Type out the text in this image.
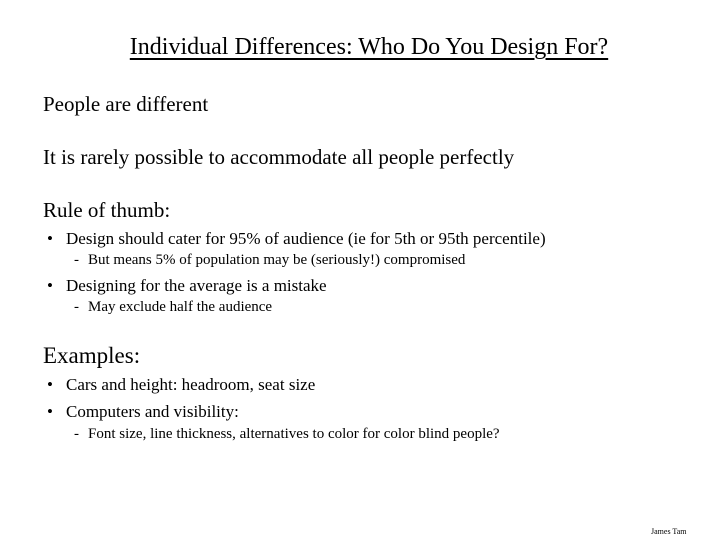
Individual Differences: Who Do You Design For?
People are different
It is rarely possible to accommodate all people perfectly
Rule of thumb:
• Design should cater for 95% of audience (ie for 5th or 95th percentile)
- But means 5% of population may be (seriously!) compromised
• Designing for the average is a mistake
- May exclude half the audience
Examples:
• Cars and height: headroom, seat size
• Computers and visibility:
- Font size, line thickness, alternatives to color for color blind people?
James Tam
